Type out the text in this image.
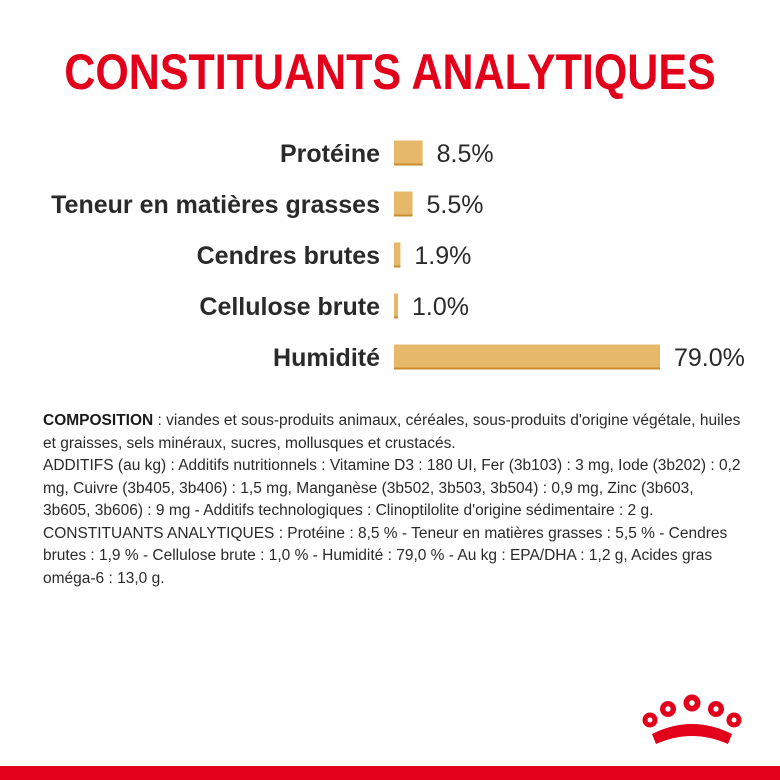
CONSTITUANTS ANALYTIQUES
Protéine 8.5%
Teneur en matières grasses 5.5%
Cendres brutes 1.9%
Cellulose brute 1.0%
Humidité	79.0%
COMPOSITION : viandes et sous-produits animaux, céréales, sous-produits d'origine végétale, huiles et graisses, sels minéraux, sucres, mollusques et crustacés.
ADDITIFS (au kg) : Additifs nutritionnels : Vitamine D3 : 180 UI, Fer (3b103) : 3 mg, Iode (3b202) : 0,2 mg, Cuivre (3b405, 3b406) : 1,5 mg, Manganèse (3b502, 3b503, 3b504) : 0,9 mg, Zinc (3b603, 3b605, 3b606) : 9 mg - Additifs technologiques : Clinoptilolite d'origine sédimentaire : 2 g.
CONSTITUANTS ANALYTIQUES : Protéine : 8,5 % - Teneur en matières grasses : 5,5 % - Cendres brutes : 1,9 % - Cellulose brute : 1,0 % - Humidité : 79,0 % - Au kg : EPA/DHA : 1,2 g, Acides gras oméga-6 : 13,0 g.
